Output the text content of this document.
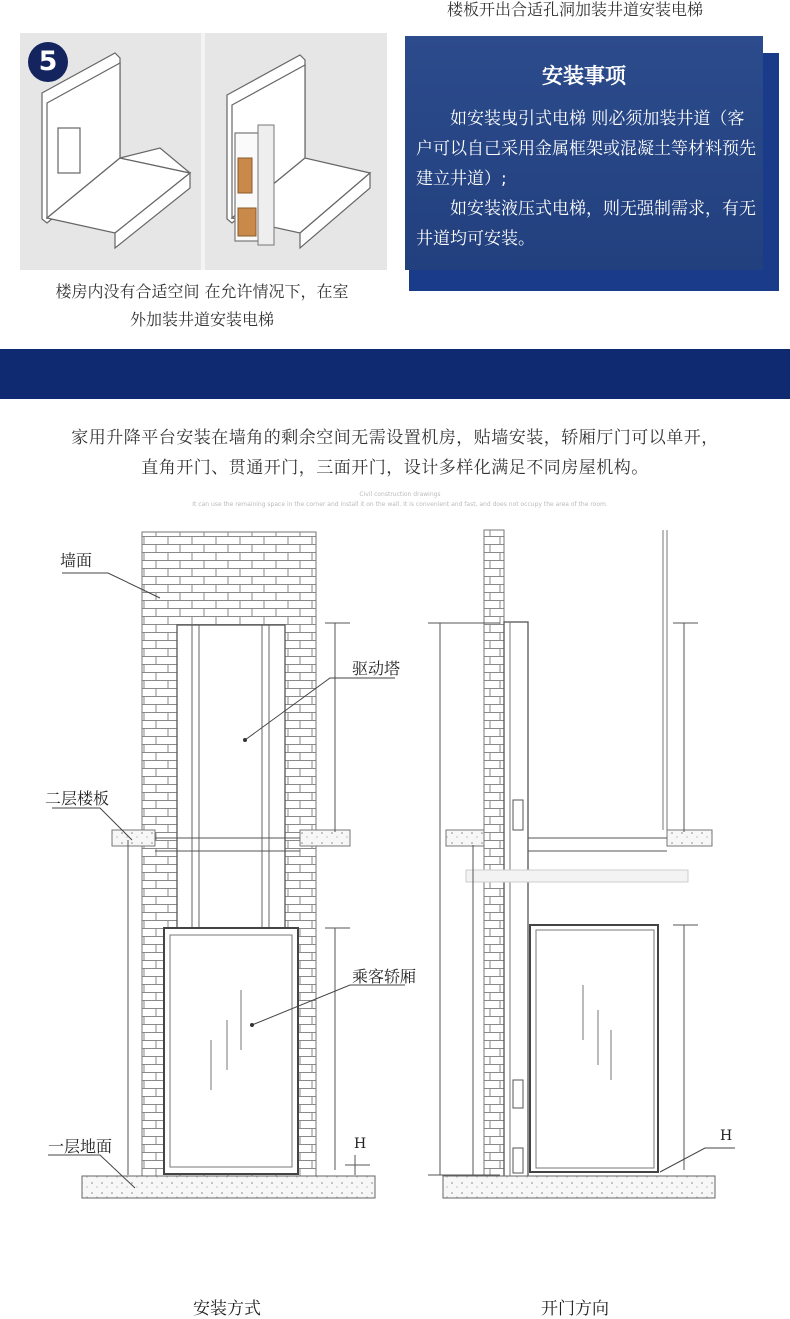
楼板开出合适孔洞加装井道安装电梯
5
楼房内没有合适空间 在允许情况下，在室
外加装井道安装电梯
安装事项

如安装曳引式电梯 则必须加装井道（客户可以自己采用金属框架或混凝土等材料预先建立井道）;

如安装液压式电梯，则无强制需求，有无井道均可安装。

家用升降平台安装在墙角的剩余空间无需设置机房，贴墙安装，轿厢厅门可以单开，
直角开门、贯通开门，三面开门，设计多样化满足不同房屋机构。
Civil construction drawings
It can use the remaining space in the corner and install it on the wall. It is convenient and fast, and does not occupy the area of the room.
墙面
驱动塔
二层楼板
乘客轿厢
一层地面	H	H
安装方式	开门方向
